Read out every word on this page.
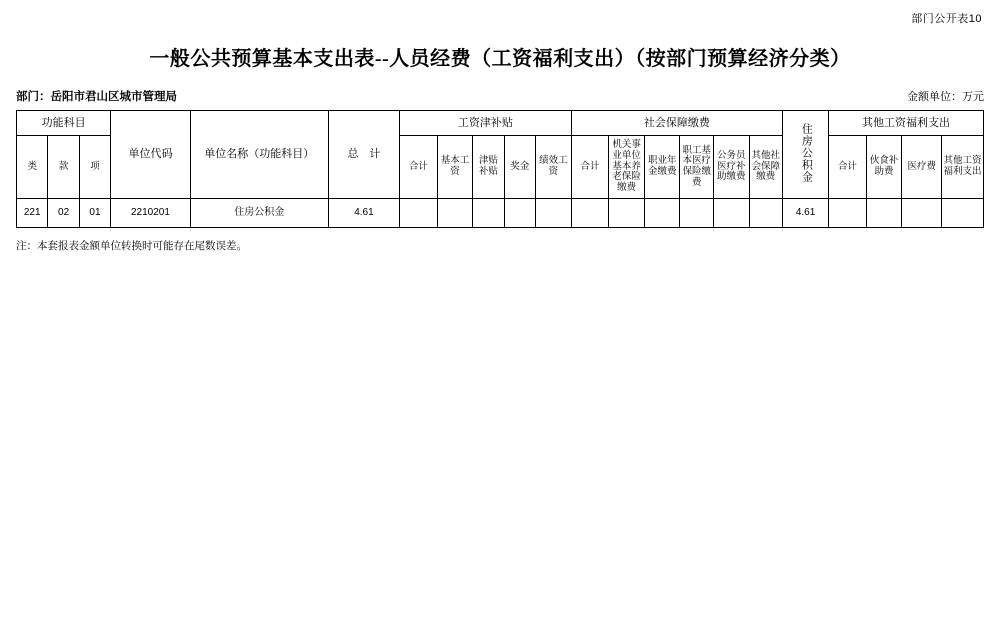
部门公开表10
一般公共预算基本支出表--人员经费（工资福利支出）（按部门预算经济分类）
部门：岳阳市君山区城市管理局	金额单位：万元
功能科目			单位代码	单位名称（功能科目）	总　计	工资津补贴					社会保障缴费						住房公积金	其他工资福利支出			
类	款	项				合计	基本工资	津贴补贴	奖金	绩效工资	合计	机关事业单位基本养老保险缴费	职业年金缴费	职工基本医疗保险缴费	公务员医疗补助缴费	其他社会保障缴费		合计	伙食补助费	医疗费	其他工资福利支出
221	02	01	2210201	住房公积金	4.61												4.61				
注：本套报表金额单位转换时可能存在尾数误差。
